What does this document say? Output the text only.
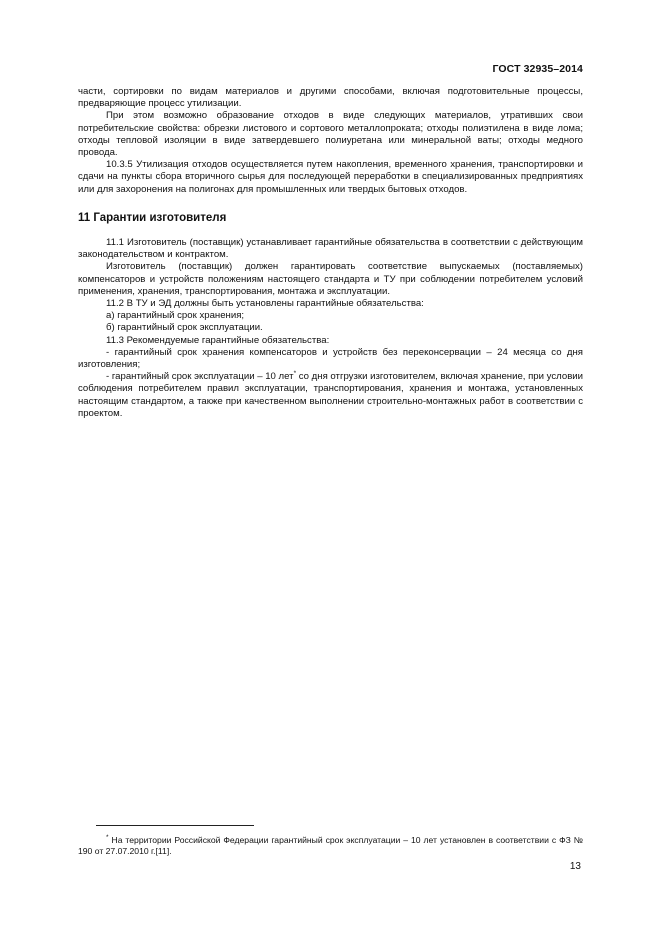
ГОСТ 32935–2014

части, сортировки по видам материалов и другими способами, включая подготовительные процессы, предваряющие процесс утилизации.

При этом возможно образование отходов в виде следующих материалов, утративших свои потребительские свойства: обрезки листового и сортового металлопроката; отходы полиэтилена в виде лома; отходы тепловой изоляции в виде затвердевшего полиуретана или минеральной ваты; отходы медного провода.

10.3.5 Утилизация отходов осуществляется путем накопления, временного хранения, транспортировки и сдачи на пункты сбора вторичного сырья для последующей переработки в специализированных предприятиях или для захоронения на полигонах для промышленных или твердых бытовых отходов.

11 Гарантии изготовителя

11.1 Изготовитель (поставщик) устанавливает гарантийные обязательства в соответствии с действующим законодательством и контрактом.

Изготовитель (поставщик) должен гарантировать соответствие выпускаемых (поставляемых) компенсаторов и устройств положениям настоящего стандарта и ТУ при соблюдении потребителем условий применения, хранения, транспортирования, монтажа и эксплуатации.

11.2 В ТУ и ЭД должны быть установлены гарантийные обязательства:

а) гарантийный срок хранения;

б) гарантийный срок эксплуатации.

11.3 Рекомендуемые гарантийные обязательства:

- гарантийный срок хранения компенсаторов и устройств без переконсервации – 24 месяца со дня изготовления;

- гарантийный срок эксплуатации – 10 лет* со дня отгрузки изготовителем, включая хранение, при условии соблюдения потребителем правил эксплуатации, транспортирования, хранения и монтажа, установленных настоящим стандартом, а также при качественном выполнении строительно-монтажных работ в соответствии с проектом.

* На территории Российской Федерации гарантийный срок эксплуатации – 10 лет установлен в соответствии с ФЗ № 190 от 27.07.2010 г.[11].

13
